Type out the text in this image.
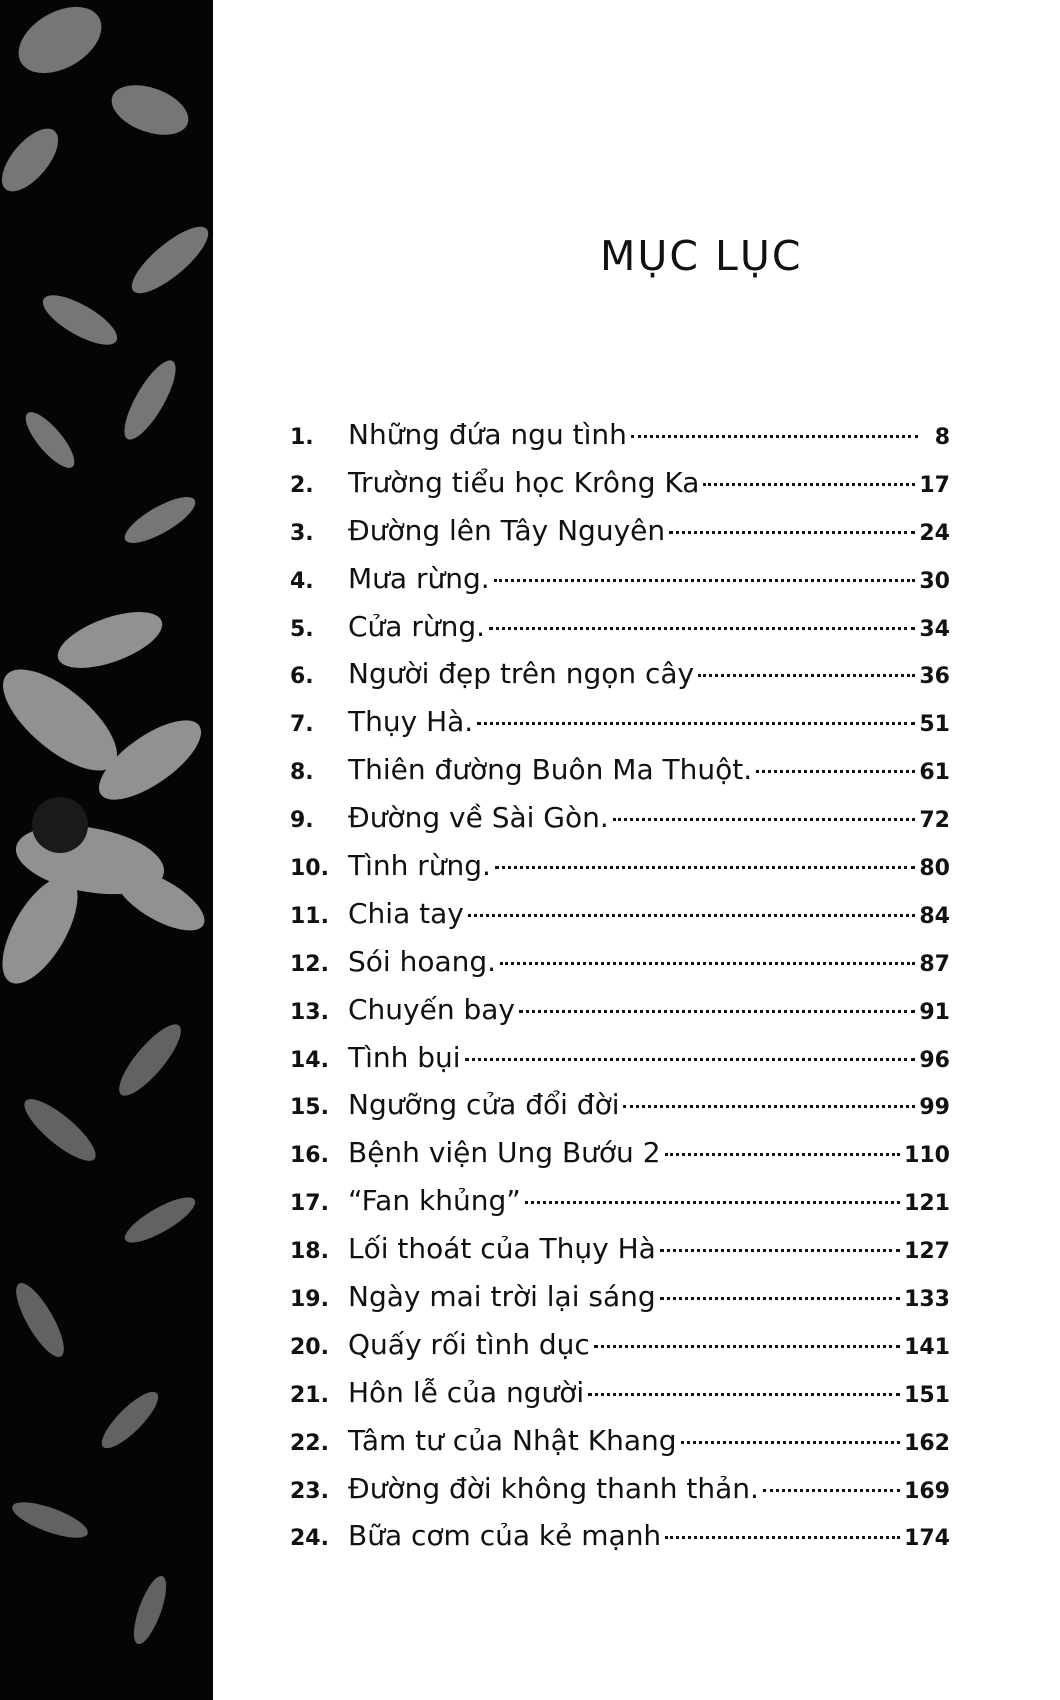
MỤC LỤC
1.	Những đứa ngu tình	8
2.	Trường tiểu học Krông Ka	17
3.	Đường lên Tây Nguyên	24
4.	Mưa rừng.	30
5.	Cửa rừng.	34
6.	Người đẹp trên ngọn cây	36
7.	Thụy Hà.	51
8.	Thiên đường Buôn Ma Thuột.	61
9.	Đường về Sài Gòn.	72
10. Tình rừng.	80
11. Chia tay	84
12. Sói hoang.	87
13. Chuyến bay	91
14. Tình bụi	96
15. Ngưỡng cửa đổi đời	99
16. Bệnh viện Ung Bướu 2	110
17. “Fan khủng”	121
18. Lối thoát của Thụy Hà	127
19. Ngày mai trời lại sáng	133
20. Quấy rối tình dục	141
21. Hôn lễ của người	151
22. Tâm tư của Nhật Khang	162
23. Đường đời không thanh thản.	169
24. Bữa cơm của kẻ mạnh	174
